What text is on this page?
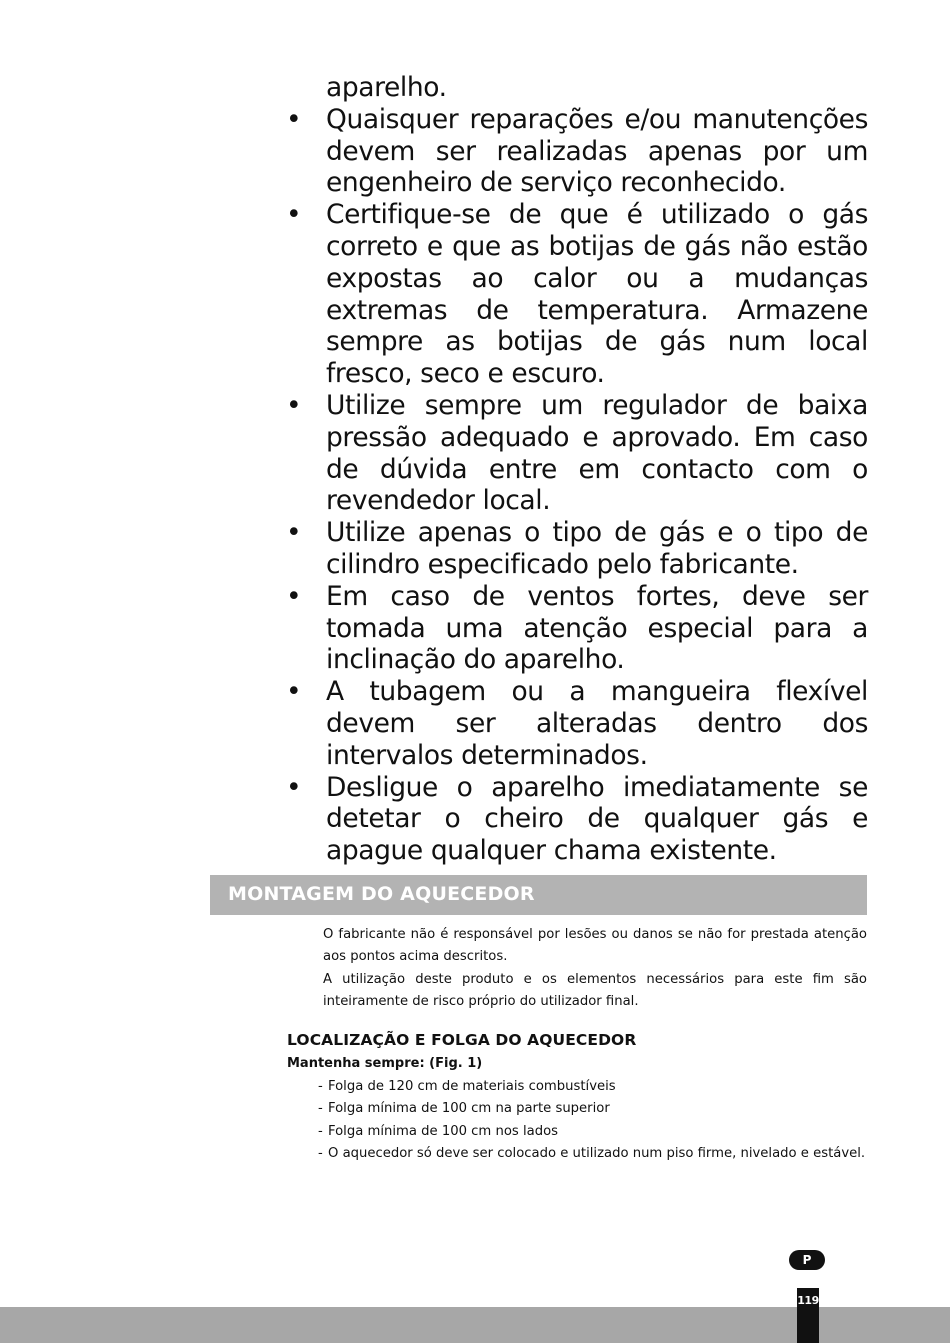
aparelho.
• Quaisquer reparações e/ou manutenções devem ser realizadas apenas por um engenheiro de serviço reconhecido.
• Certifique-se de que é utilizado o gás correto e que as botijas de gás não estão expostas ao calor ou a mudanças extremas de temperatura. Armazene sempre as botijas de gás num local fresco, seco e escuro.
• Utilize sempre um regulador de baixa pressão adequado e aprovado. Em caso de dúvida entre em contacto com o revendedor local.
• Utilize apenas o tipo de gás e o tipo de cilindro especificado pelo fabricante.
• Em caso de ventos fortes, deve ser tomada uma atenção especial para a inclinação do aparelho.
• A tubagem ou a mangueira flexível devem ser alteradas dentro dos intervalos determinados.
• Desligue o aparelho imediatamente se detetar o cheiro de qualquer gás e apague qualquer chama existente.
MONTAGEM DO AQUECEDOR

O fabricante não é responsável por lesões ou danos se não for prestada atenção aos pontos acima descritos.

A utilização deste produto e os elementos necessários para este fim são inteiramente de risco próprio do utilizador final.

LOCALIZAÇÃO E FOLGA DO AQUECEDOR
Mantenha sempre: (Fig. 1)
- Folga de 120 cm de materiais combustíveis
- Folga mínima de 100 cm na parte superior
- Folga mínima de 100 cm nos lados
- O aquecedor só deve ser colocado e utilizado num piso firme, nivelado e estável.
P
119
